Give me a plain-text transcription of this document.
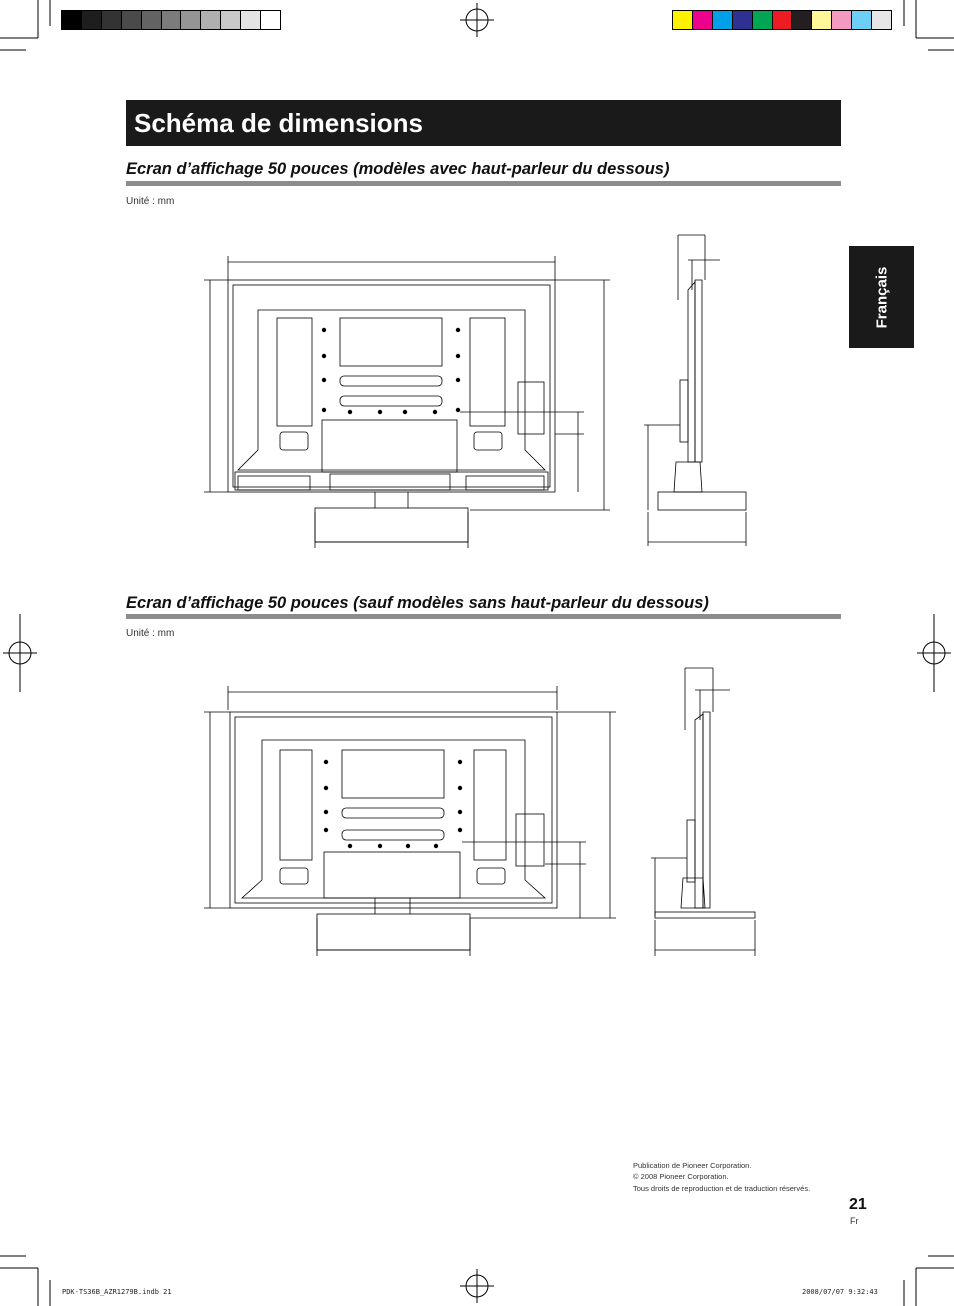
Schéma de dimensions
Français
Ecran d’affichage 50 pouces (modèles avec haut-parleur du dessous)
Unité : mm
Ecran d’affichage 50 pouces (sauf modèles sans haut-parleur du dessous)
Unité : mm
Publication de Pioneer Corporation.
© 2008 Pioneer Corporation.
Tous droits de reproduction et de traduction réservés.
21
Fr
PDK-TS36B_AZR1279B.indb 21	2008/07/07 9:32:43
